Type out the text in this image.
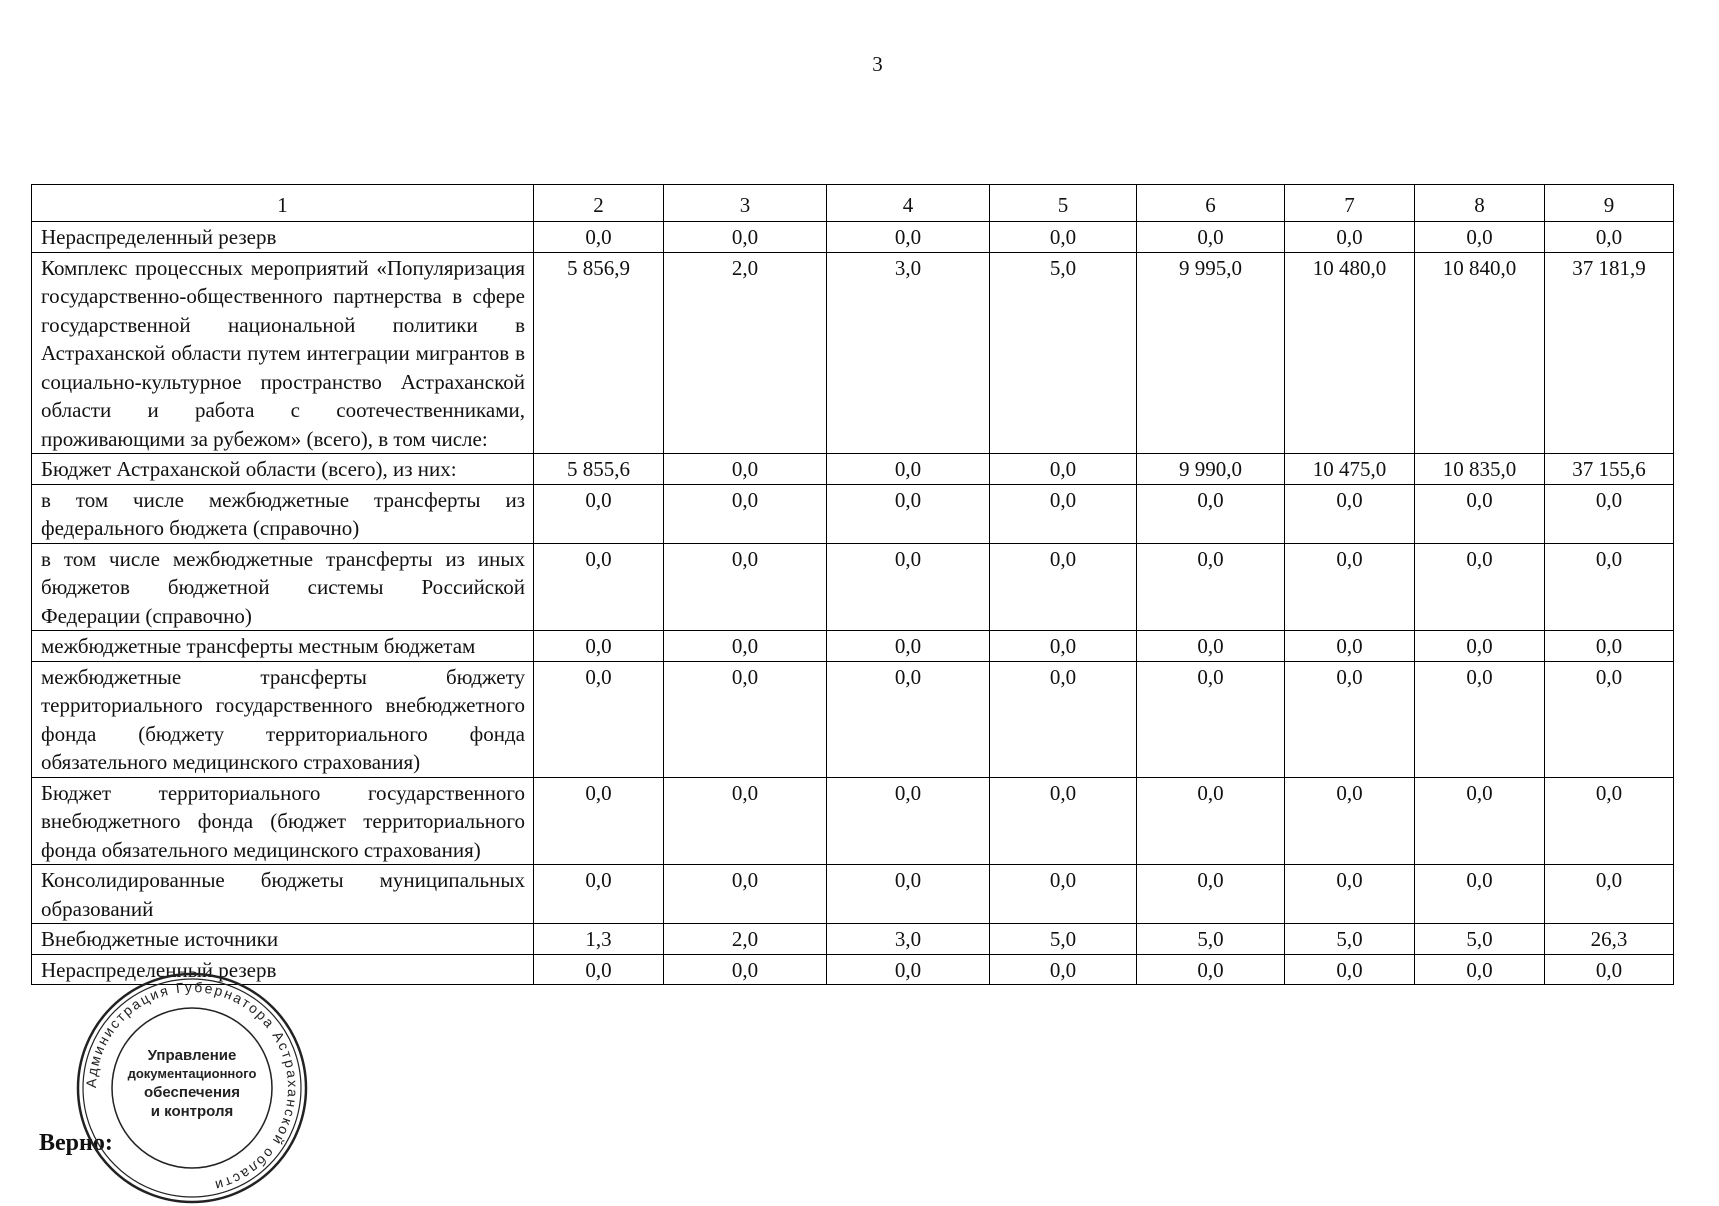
3
1	2	3	4	5	6	7	8	9
Нераспределенный резерв	0,0	0,0	0,0	0,0	0,0	0,0	0,0	0,0
Комплекс процессных мероприятий «Популяризация государственно-общественного партнерства в сфере государственной национальной политики в Астраханской области путем интеграции мигрантов в социально-культурное пространство Астраханской области и работа с соотечественниками, проживающими за рубежом» (всего), в том числе:	5 856,9	2,0	3,0	5,0	9 995,0	10 480,0	10 840,0	37 181,9
Бюджет Астраханской области (всего), из них:	5 855,6	0,0	0,0	0,0	9 990,0	10 475,0	10 835,0	37 155,6
в том числе межбюджетные трансферты из федерального бюджета (справочно)	0,0	0,0	0,0	0,0	0,0	0,0	0,0	0,0
в том числе межбюджетные трансферты из иных бюджетов бюджетной системы Российской Федерации (справочно)	0,0	0,0	0,0	0,0	0,0	0,0	0,0	0,0
межбюджетные трансферты местным бюджетам	0,0	0,0	0,0	0,0	0,0	0,0	0,0	0,0
межбюджетные трансферты бюджету территориального государственного внебюджетного фонда (бюджету территориального фонда обязательного медицинского страхования)	0,0	0,0	0,0	0,0	0,0	0,0	0,0	0,0
Бюджет территориального государственного внебюджетного фонда (бюджет территориального фонда обязательного медицинского страхования)	0,0	0,0	0,0	0,0	0,0	0,0	0,0	0,0
Консолидированные бюджеты муниципальных образований	0,0	0,0	0,0	0,0	0,0	0,0	0,0	0,0
Внебюджетные источники	1,3	2,0	3,0	5,0	5,0	5,0	5,0	26,3
Нераспределенный резерв	0,0	0,0	0,0	0,0	0,0	0,0	0,0	0,0
Верно:
Администрация Губернатора Астраханской области
Управление
документационного
обеспечения
и контроля
